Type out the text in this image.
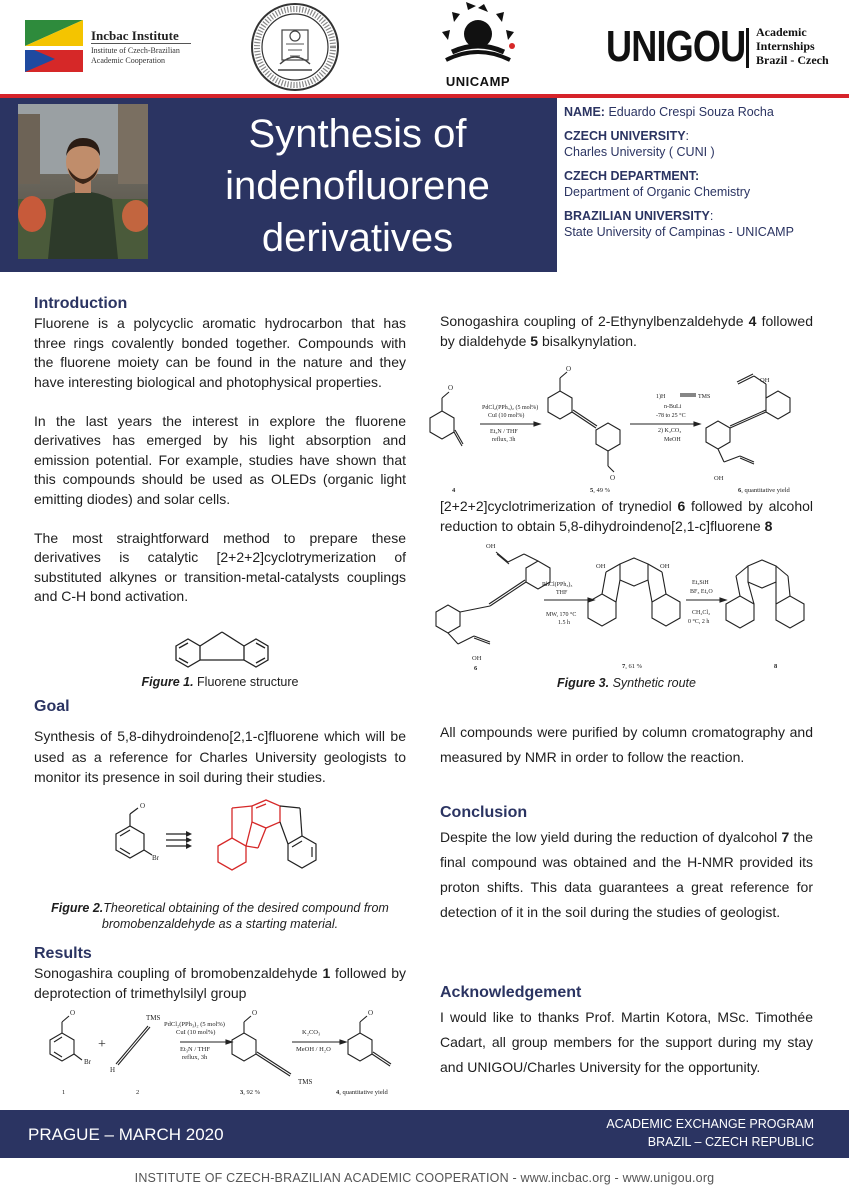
Incbac Institute
Institute of Czech-Brazilian
Academic Cooperation
UNICAMP
UNIGOU Academic
Internships
Brazil - Czech
Synthesis of
indenofluorene
derivatives
NAME: Eduardo Crespi Souza Rocha
CZECH UNIVERSITY:
Charles University ( CUNI )
CZECH DEPARTMENT:
Department of Organic Chemistry
BRAZILIAN UNIVERSITY:
State University of Campinas - UNICAMP
Introduction

Fluorene is a polycyclic aromatic hydrocarbon that has three rings covalently bonded together. Compounds with the fluorene moiety can be found in the nature and they have interesting biological and photophysical properties.

In the last years the interest in explore the fluorene derivatives has emerged by his light absorption and emission potential. For example, studies have shown that this compounds should be used as OLEDs (organic light emitting diodes) and solar cells.

The most straightforward method to prepare these derivatives is catalytic [2+2+2]cyclotrymerization of substituted alkynes or transition-metal-catalysts couplings and C-H bond activation.

Figure 1. Fluorene structure
Goal

Synthesis of 5,8-dihydroindeno[2,1-c]fluorene which will be used as a reference for Charles University geologists to monitor its presence in soil during their studies.

Br
O
Figure 2.Theoretical obtaining of the desired compound from bromobenzaldehyde as a starting material.
Results

Sonogashira coupling of bromobenzaldehyde 1 followed by deprotection of trimethylsilyl group

O
Br
+
TMS
H
PdCl₂(PPh₃)₂ (5 mol%)
CuI (10 mol%)
Et₃N / THF
reflux, 3h
O
TMS
K₂CO₃
MeOH / H₂O
O
1	2	3, 92 %	4, quantitative yield

Sonogashira coupling of 2-Ethynylbenzaldehyde 4 followed by dialdehyde 5 bisalkynylation.

O
O
O
PdCl₂(PPh₃)₂ (5 mol%)
CuI (10 mol%)
Et₃N / THF
reflux, 3h
1)H	TMS
n-BuLi
-78 to 25 °C
2) K₂CO₃
MeOH
OH
OH
4	5, 49 %	6, quantitative yield

[2+2+2]cyclotrimerization of trynediol 6 followed by alcohol reduction to obtain 5,8-dihydroindeno[2,1-c]fluorene 8

OH
OH
OH	OH
RhCl(PPh₃)₃
THF
MW, 170 °C
1.5 h
Et₃SiH
BF₃ Et₂O
CH₂Cl₂
0 °C, 2 h
6	7, 61 %	8
Figure 3. Synthetic route

All compounds were purified by column cromatography and measured by NMR in order to follow the reaction.

Conclusion

Despite the low yield during the reduction of dyalcohol 7 the final compound was obtained and the H-NMR provided its proton shifts. This data guarantees a great reference for detection of it in the soil during the studies of geologist.

Acknowledgement

I would like to thanks Prof. Martin Kotora, MSc. Timothée Cadart, all group members for the support during my stay and UNIGOU/Charles University for the opportunity.

PRAGUE – MARCH 2020
ACADEMIC EXCHANGE PROGRAM
BRAZIL – CZECH REPUBLIC
INSTITUTE OF CZECH-BRAZILIAN ACADEMIC COOPERATION - www.incbac.org - www.unigou.org
